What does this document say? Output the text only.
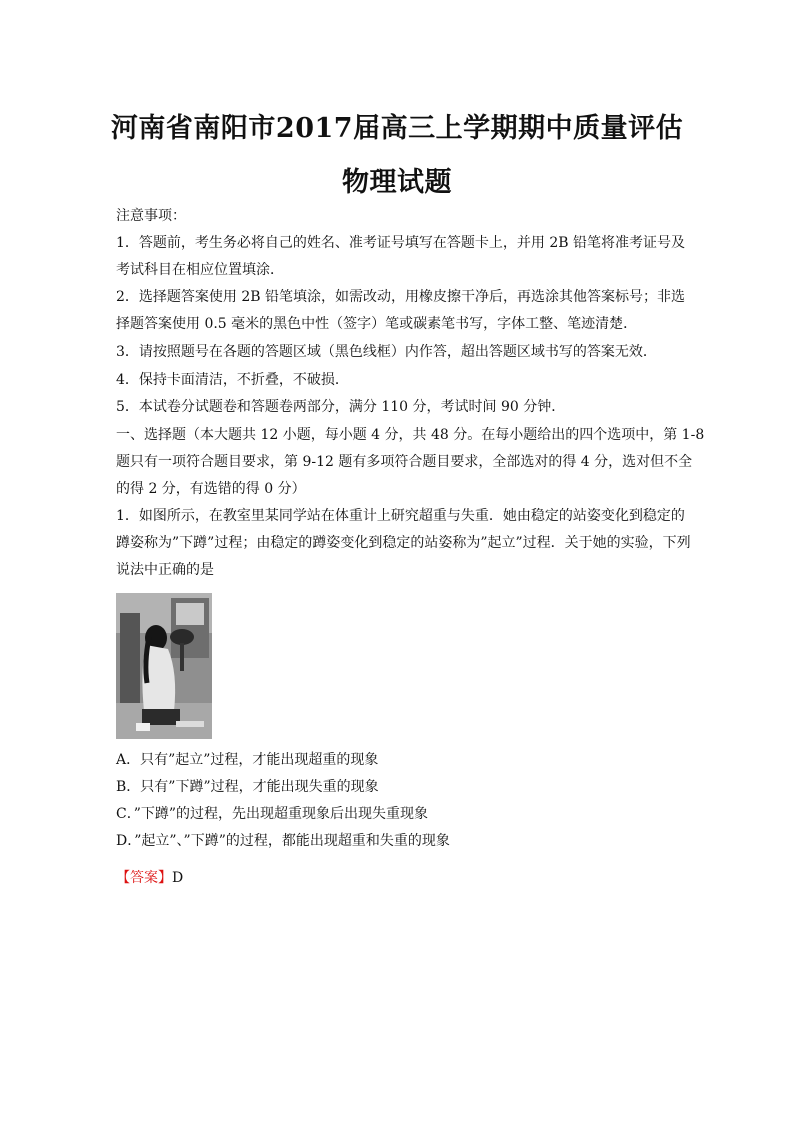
河南省南阳市2017届高三上学期期中质量评估
物理试题
注意事项：
1．答题前，考生务必将自己的姓名、准考证号填写在答题卡上，并用 2B 铅笔将准考证号及
考试科目在相应位置填涂．
2．选择题答案使用 2B 铅笔填涂，如需改动，用橡皮擦干净后，再选涂其他答案标号；非选
择题答案使用 0.5 毫米的黑色中性（签字）笔或碳素笔书写，字体工整、笔迹清楚．
3．请按照题号在各题的答题区域（黑色线框）内作答，超出答题区域书写的答案无效．
4．保持卡面清洁，不折叠，不破损．
5．本试卷分试题卷和答题卷两部分，满分 110 分，考试时间 90 分钟．
一、选择题（本大题共 12 小题，每小题 4 分，共 48 分。在每小题给出的四个选项中，第 1-8
题只有一项符合题目要求，第 9-12 题有多项符合题目要求，全部选对的得 4 分，选对但不全
的得 2 分，有选错的得 0 分）
1．如图所示，在教室里某同学站在体重计上研究超重与失重．她由稳定的站姿变化到稳定的
蹲姿称为”下蹲”过程；由稳定的蹲姿变化到稳定的站姿称为”起立”过程．关于她的实验，下列
说法中正确的是
A．只有”起立”过程，才能出现超重的现象
B．只有”下蹲”过程，才能出现失重的现象
C．”下蹲”的过程，先出现超重现象后出现失重现象
D．”起立”、”下蹲”的过程，都能出现超重和失重的现象
【答案】D
